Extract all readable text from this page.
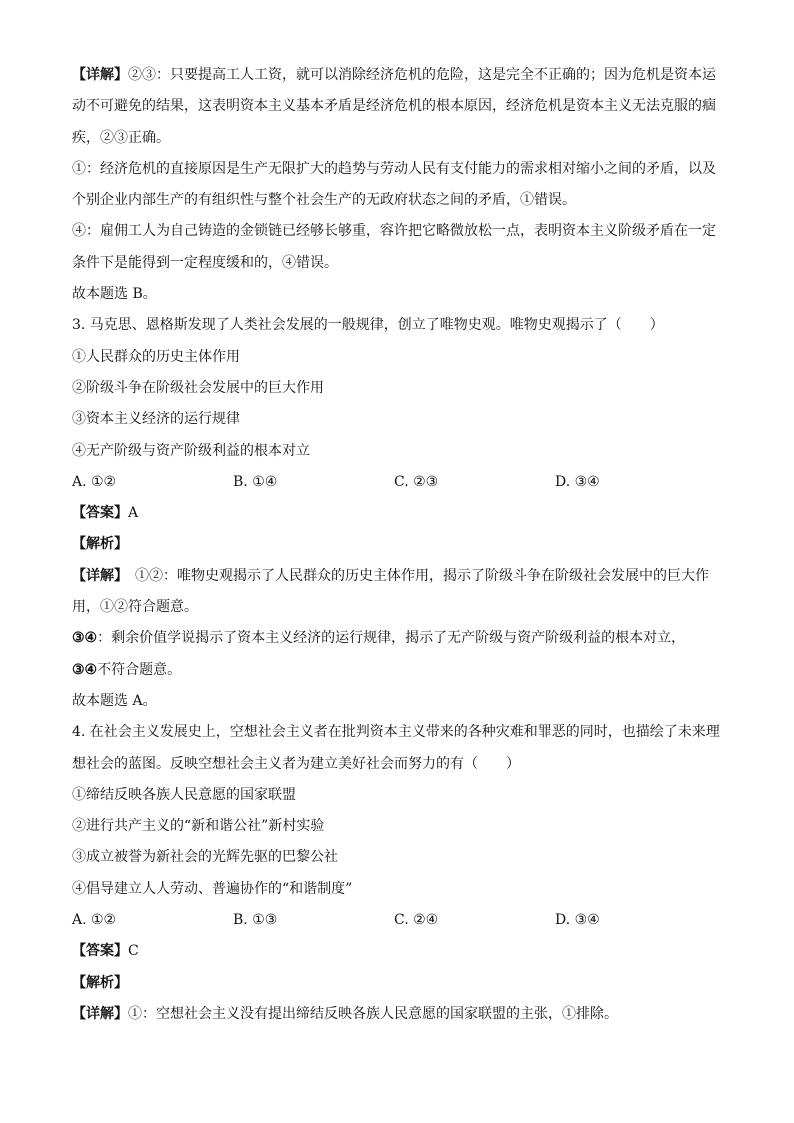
【详解】②③：只要提高工人工资，就可以消除经济危机的危险，这是完全不正确的；因为危机是资本运
动不可避免的结果，这表明资本主义基本矛盾是经济危机的根本原因，经济危机是资本主义无法克服的痼
疾，②③正确。
①：经济危机的直接原因是生产无限扩大的趋势与劳动人民有支付能力的需求相对缩小之间的矛盾，以及
个别企业内部生产的有组织性与整个社会生产的无政府状态之间的矛盾，①错误。
④：雇佣工人为自己铸造的金锁链已经够长够重，容许把它略微放松一点，表明资本主义阶级矛盾在一定
条件下是能得到一定程度缓和的，④错误。
故本题选 B。
3. 马克思、恩格斯发现了人类社会发展的一般规律，创立了唯物史观。唯物史观揭示了（　　）
①人民群众的历史主体作用
②阶级斗争在阶级社会发展中的巨大作用
③资本主义经济的运行规律
④无产阶级与资产阶级利益的根本对立
A. ①②	B. ①④	C. ②③	D. ③④
【答案】A
【解析】
【详解】　①②：唯物史观揭示了人民群众的历史主体作用，揭示了阶级斗争在阶级社会发展中的巨大作
用，①②符合题意。
③④：剩余价值学说揭示了资本主义经济的运行规律，揭示了无产阶级与资产阶级利益的根本对立，
③④不符合题意。
故本题选 A。
4. 在社会主义发展史上，空想社会主义者在批判资本主义带来的各种灾难和罪恶的同时，也描绘了未来理
想社会的蓝图。反映空想社会主义者为建立美好社会而努力的有（　　）
①缔结反映各族人民意愿的国家联盟
②进行共产主义的“新和谐公社”新村实验
③成立被誉为新社会的光辉先驱的巴黎公社
④倡导建立人人劳动、普遍协作的“和谐制度”
A. ①②	B. ①③	C. ②④	D. ③④
【答案】C
【解析】
【详解】①：空想社会主义没有提出缔结反映各族人民意愿的国家联盟的主张，①排除。
